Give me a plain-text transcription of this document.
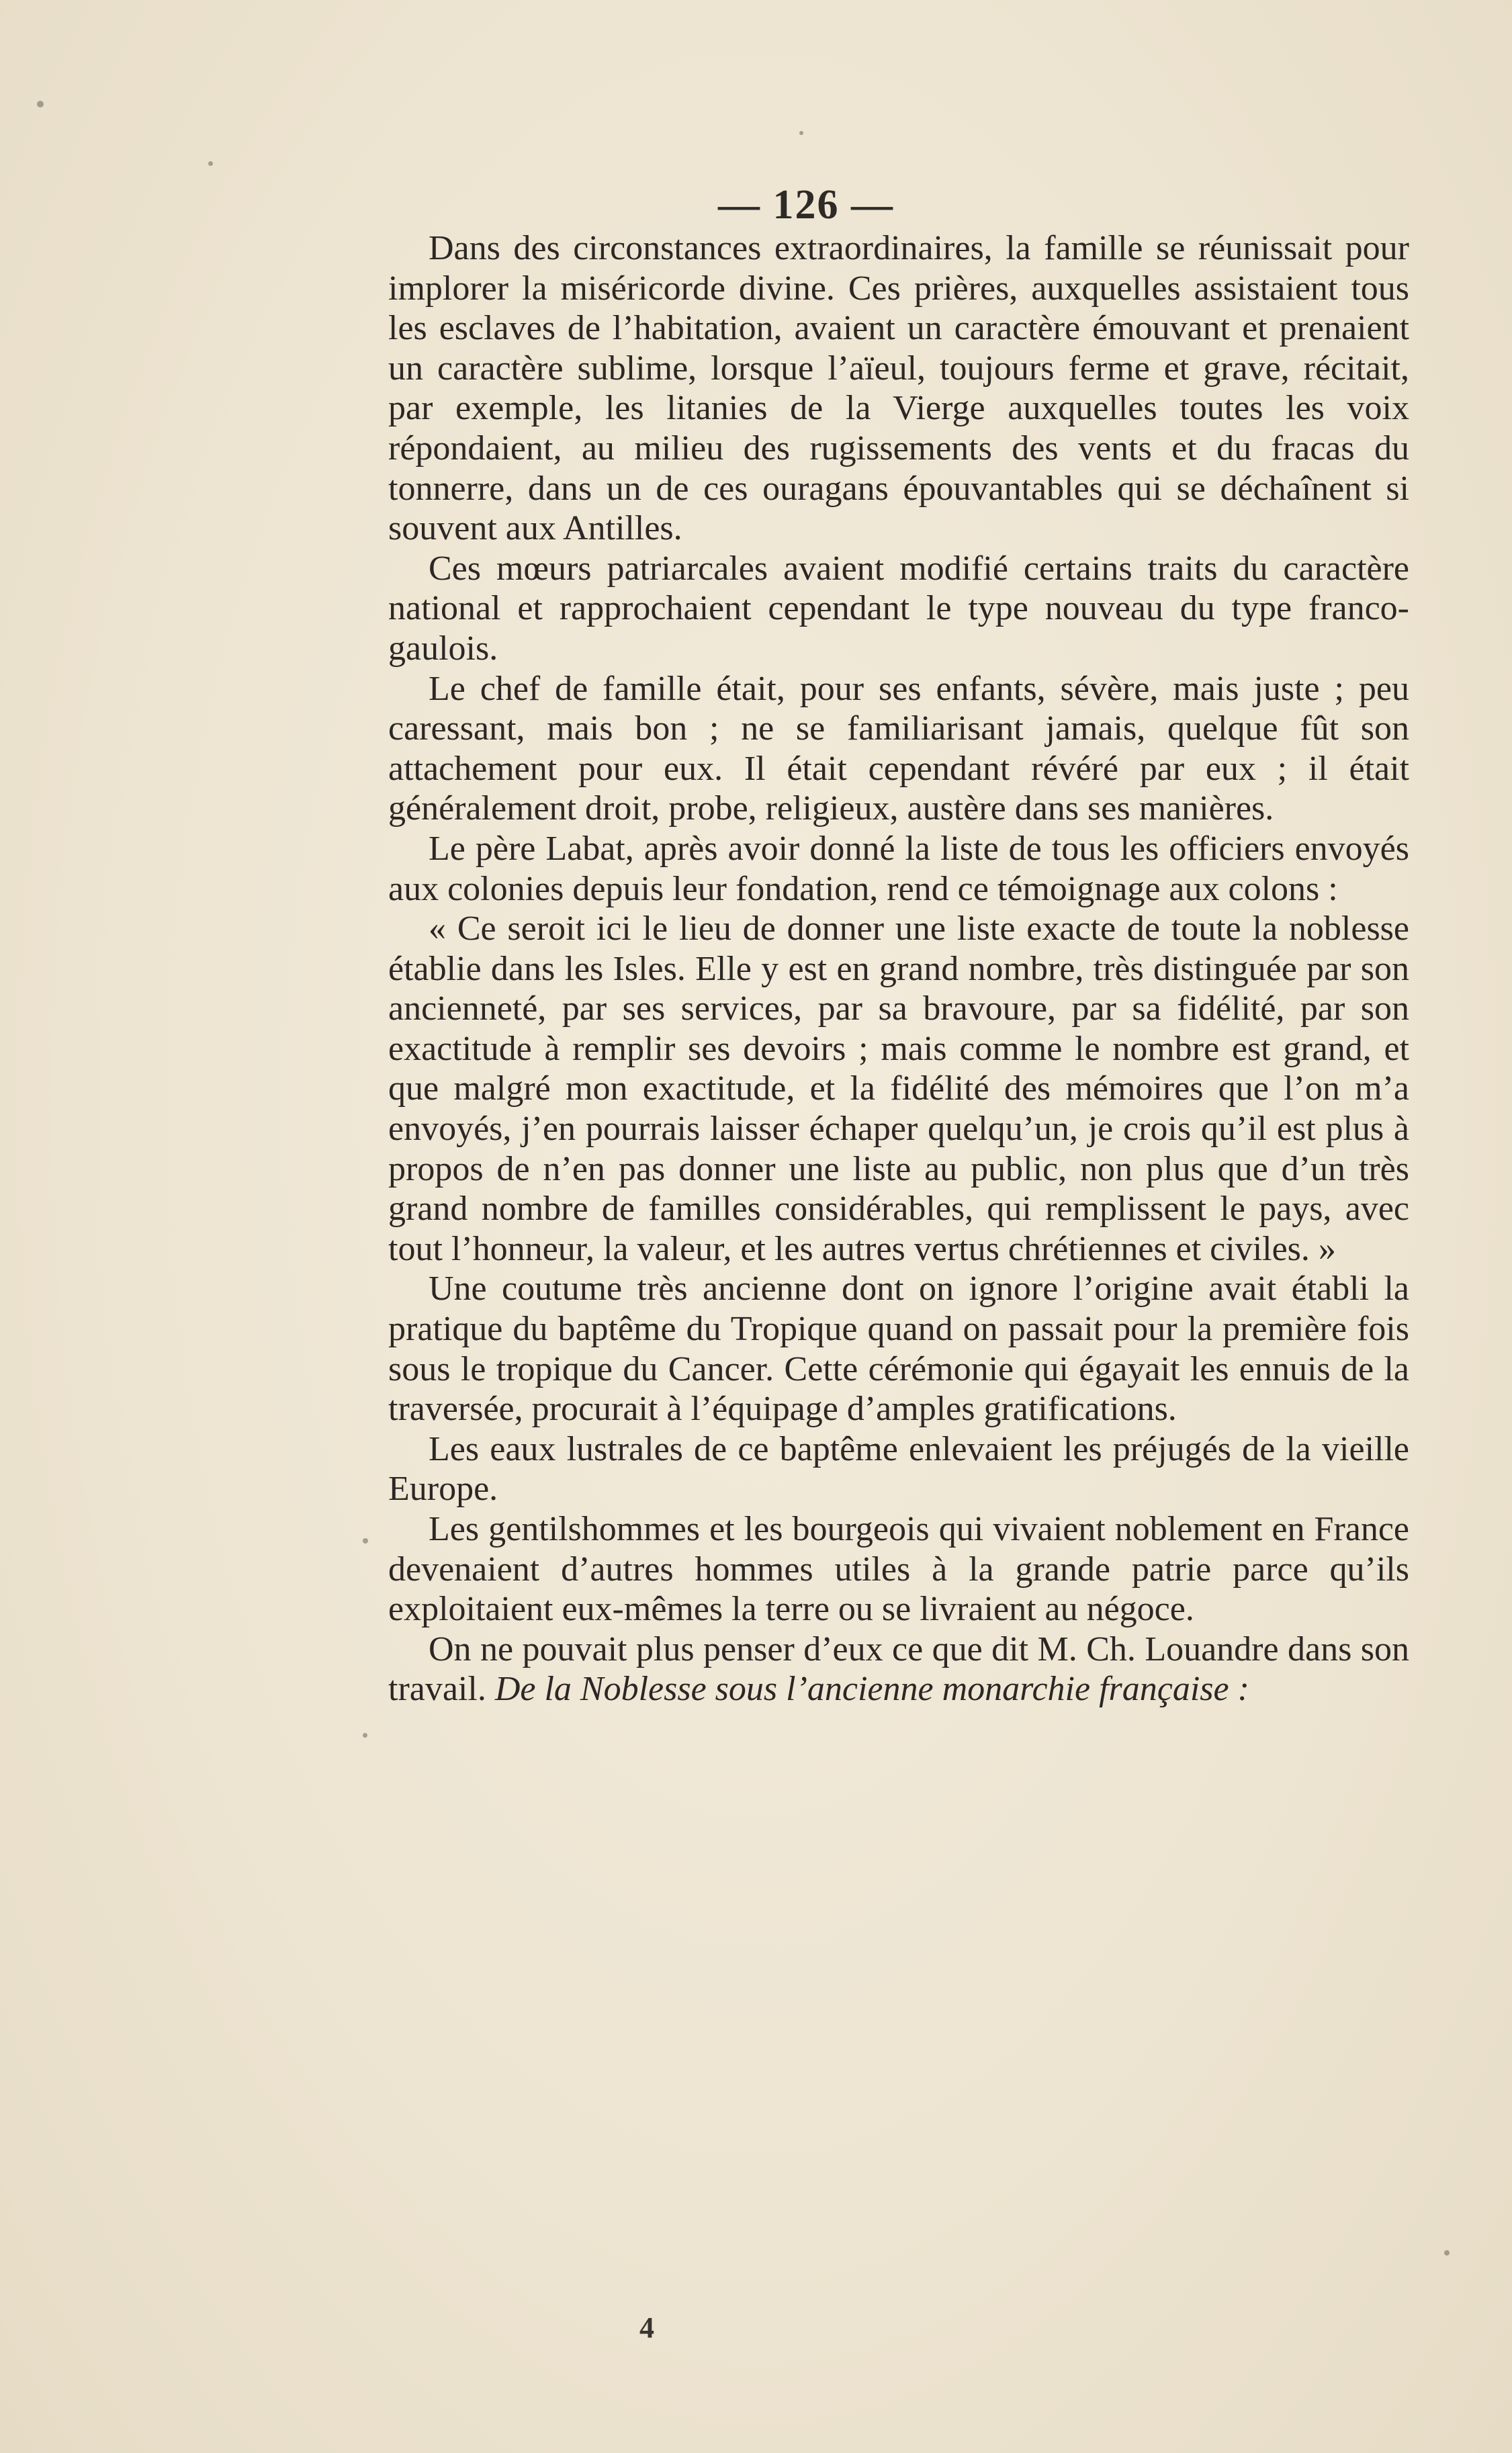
— 126 —

Dans des circonstances extraordinaires, la famille se réunissait pour implorer la miséricorde divine. Ces prières, auxquelles assistaient tous les esclaves de l’habitation, avaient un caractère émouvant et prenaient un caractère sublime, lorsque l’aïeul, toujours ferme et grave, récitait, par exemple, les litanies de la Vierge auxquelles toutes les voix répondaient, au milieu des rugissements des vents et du fracas du tonnerre, dans un de ces ouragans épouvantables qui se déchaînent si souvent aux Antilles.

Ces mœurs patriarcales avaient modifié certains traits du caractère national et rapprochaient cependant le type nouveau du type franco-gaulois.

Le chef de famille était, pour ses enfants, sévère, mais juste ; peu caressant, mais bon ; ne se familiarisant jamais, quelque fût son attachement pour eux. Il était cependant révéré par eux ; il était généralement droit, probe, religieux, austère dans ses manières.

Le père Labat, après avoir donné la liste de tous les officiers envoyés aux colonies depuis leur fondation, rend ce témoignage aux colons :

« Ce seroit ici le lieu de donner une liste exacte de toute la noblesse établie dans les Isles. Elle y est en grand nombre, très distinguée par son ancienneté, par ses services, par sa bravoure, par sa fidélité, par son exactitude à remplir ses devoirs ; mais comme le nombre est grand, et que malgré mon exactitude, et la fidélité des mémoires que l’on m’a envoyés, j’en pourrais laisser échaper quelqu’un, je crois qu’il est plus à propos de n’en pas donner une liste au public, non plus que d’un très grand nombre de familles considérables, qui remplissent le pays, avec tout l’honneur, la valeur, et les autres vertus chrétiennes et civiles. »

Une coutume très ancienne dont on ignore l’origine avait établi la pratique du baptême du Tropique quand on passait pour la première fois sous le tropique du Cancer. Cette cérémonie qui égayait les ennuis de la traversée, procurait à l’équipage d’amples gratifications.

Les eaux lustrales de ce baptême enlevaient les préjugés de la vieille Europe.

Les gentilshommes et les bourgeois qui vivaient noblement en France devenaient d’autres hommes utiles à la grande patrie parce qu’ils exploitaient eux-mêmes la terre ou se livraient au négoce.

On ne pouvait plus penser d’eux ce que dit M. Ch. Louandre dans son travail. De la Noblesse sous l’ancienne monarchie française :

4
